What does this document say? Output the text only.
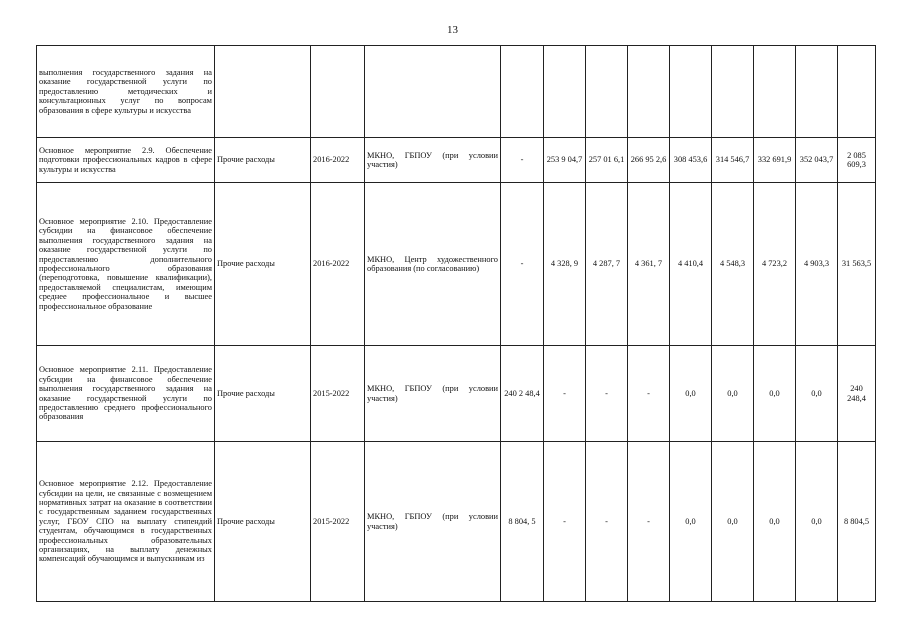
13
выполнения государственного задания на оказание государственной услуги по предоставлению методических и консультационных услуг по вопросам образования в сфере культуры и искусства												
Основное мероприятие 2.9. Обеспечение подготовки профессиональных кадров в сфере культуры и искусства	Прочие расходы	2016-2022	МКНО, ГБПОУ (при условии участия)	-	253 9 04,7	257 01 6,1	266 95 2,6	308 453,6	314 546,7	332 691,9	352 043,7	2 085 609,3
Основное мероприятие 2.10. Предоставление субсидии на финансовое обеспечение выполнения государственного задания на оказание государственной услуги по предоставлению дополнительного профессионального образования (переподготовка, повышение квалификации), предоставляемой специалистам, имеющим среднее профессиональное и высшее профессиональное образование	Прочие расходы	2016-2022	МКНО, Центр художественного образования (по согласованию)	-	4 328, 9	4 287, 7	4 361, 7	4 410,4	4 548,3	4 723,2	4 903,3	31 563,5
Основное мероприятие 2.11. Предоставление субсидии на финансовое обеспечение выполнения государственного задания на оказание государственной услуги по предоставлению среднего профессионального образования	Прочие расходы	2015-2022	МКНО, ГБПОУ (при условии участия)	240 2 48,4	-	-	-	0,0	0,0	0,0	0,0	240 248,4
Основное мероприятие 2.12. Предоставление субсидии на цели, не связанные с возмещением нормативных затрат на оказание в соответствии с государственным заданием государственных услуг, ГБОУ СПО на выплату стипендий студентам, обучающимся в государственных профессиональных образовательных организациях, на выплату денежных компенсаций обучающимся и выпускникам из	Прочие расходы	2015-2022	МКНО, ГБПОУ (при условии участия)	8 804, 5	-	-	-	0,0	0,0	0,0	0,0	8 804,5
